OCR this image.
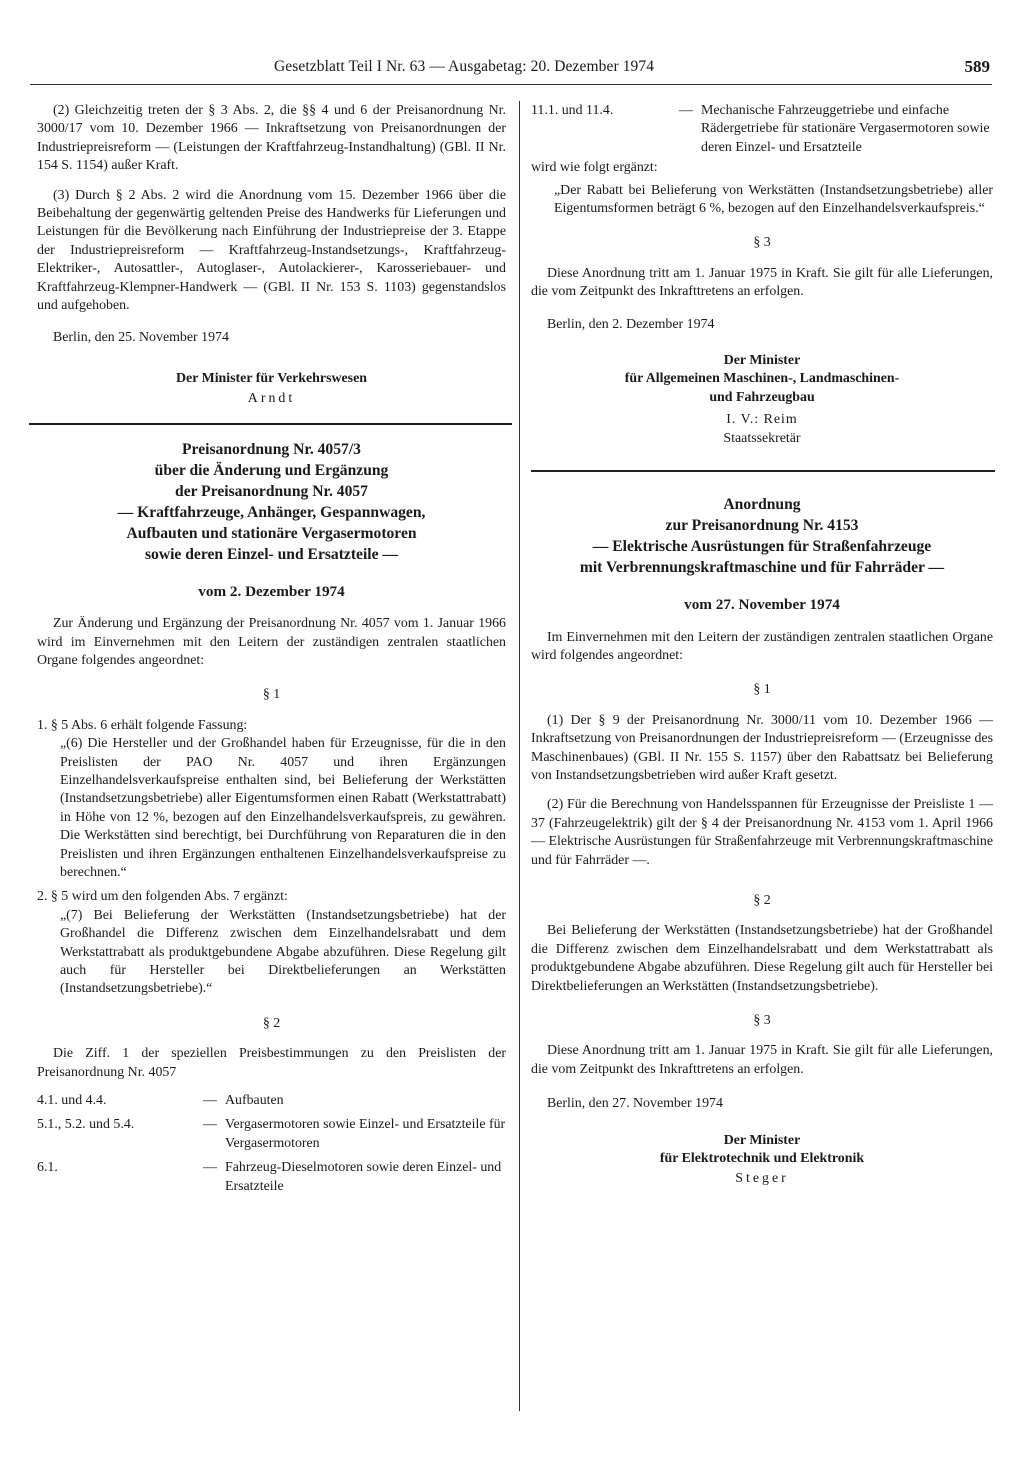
Gesetzblatt Teil I Nr. 63 — Ausgabetag: 20. Dezember 1974	589

(2) Gleichzeitig treten der § 3 Abs. 2, die §§ 4 und 6 der Preisanordnung Nr. 3000/17 vom 10. Dezember 1966 — Inkraftsetzung von Preisanordnungen der Industriepreisreform — (Leistungen der Kraftfahrzeug-Instandhaltung) (GBl. II Nr. 154 S. 1154) außer Kraft.

(3) Durch § 2 Abs. 2 wird die Anordnung vom 15. Dezember 1966 über die Beibehaltung der gegenwärtig geltenden Preise des Handwerks für Lieferungen und Leistungen für die Bevölkerung nach Einführung der Industriepreise der 3. Etappe der Industriepreisreform — Kraftfahrzeug-Instandsetzungs-, Kraftfahrzeug-Elektriker-, Autosattler-, Autoglaser-, Autolackierer-, Karosseriebauer- und Kraftfahrzeug-Klempner-Handwerk — (GBl. II Nr. 153 S. 1103) gegenstandslos und aufgehoben.

Berlin, den 25. November 1974

Der Minister für Verkehrswesen
Arndt
Preisanordnung Nr. 4057/3
über die Änderung und Ergänzung
der Preisanordnung Nr. 4057
— Kraftfahrzeuge, Anhänger, Gespannwagen,
Aufbauten und stationäre Vergasermotoren
sowie deren Einzel- und Ersatzteile —
vom 2. Dezember 1974

Zur Änderung und Ergänzung der Preisanordnung Nr. 4057 vom 1. Januar 1966 wird im Einvernehmen mit den Leitern der zuständigen zentralen staatlichen Organe folgendes angeordnet:

§ 1

1. § 5 Abs. 6 erhält folgende Fassung:

„(6) Die Hersteller und der Großhandel haben für Erzeugnisse, für die in den Preislisten der PAO Nr. 4057 und ihren Ergänzungen Einzelhandelsverkaufspreise enthalten sind, bei Belieferung der Werkstätten (Instandsetzungsbetriebe) aller Eigentumsformen einen Rabatt (Werkstattrabatt) in Höhe von 12 %, bezogen auf den Einzelhandelsverkaufspreis, zu gewähren. Die Werkstätten sind berechtigt, bei Durchführung von Reparaturen die in den Preislisten und ihren Ergänzungen enthaltenen Einzelhandelsverkaufspreise zu berechnen.“

2. § 5 wird um den folgenden Abs. 7 ergänzt:

„(7) Bei Belieferung der Werkstätten (Instandsetzungsbetriebe) hat der Großhandel die Differenz zwischen dem Einzelhandelsrabatt und dem Werkstattrabatt als produktgebundene Abgabe abzuführen. Diese Regelung gilt auch für Hersteller bei Direktbelieferungen an Werkstätten (Instandsetzungsbetriebe).“

§ 2

Die Ziff. 1 der speziellen Preisbestimmungen zu den Preislisten der Preisanordnung Nr. 4057

4.1. und 4.4.	— Aufbauten
5.1., 5.2. und 5.4.	— Vergasermotoren sowie Einzel- und Ersatzteile für Vergasermotoren
6.1.	— Fahrzeug-Dieselmotoren sowie deren Einzel- und Ersatzteile
11.1. und 11.4.	— Mechanische Fahrzeuggetriebe und einfache Rädergetriebe für stationäre Vergasermotoren sowie deren Einzel- und Ersatzteile

wird wie folgt ergänzt:

„Der Rabatt bei Belieferung von Werkstätten (Instandsetzungsbetriebe) aller Eigentumsformen beträgt 6 %, bezogen auf den Einzelhandelsverkaufspreis.“

§ 3

Diese Anordnung tritt am 1. Januar 1975 in Kraft. Sie gilt für alle Lieferungen, die vom Zeitpunkt des Inkrafttretens an erfolgen.

Berlin, den 2. Dezember 1974

Der Minister
für Allgemeinen Maschinen-, Landmaschinen-
und Fahrzeugbau
I. V.: Reim
Staatssekretär
Anordnung
zur Preisanordnung Nr. 4153
— Elektrische Ausrüstungen für Straßenfahrzeuge
mit Verbrennungskraftmaschine und für Fahrräder —
vom 27. November 1974

Im Einvernehmen mit den Leitern der zuständigen zentralen staatlichen Organe wird folgendes angeordnet:

§ 1

(1) Der § 9 der Preisanordnung Nr. 3000/11 vom 10. Dezember 1966 — Inkraftsetzung von Preisanordnungen der Industriepreisreform — (Erzeugnisse des Maschinenbaues) (GBl. II Nr. 155 S. 1157) über den Rabattsatz bei Belieferung von Instandsetzungsbetrieben wird außer Kraft gesetzt.

(2) Für die Berechnung von Handelsspannen für Erzeugnisse der Preisliste 1 — 37 (Fahrzeugelektrik) gilt der § 4 der Preisanordnung Nr. 4153 vom 1. April 1966 — Elektrische Ausrüstungen für Straßenfahrzeuge mit Verbrennungskraftmaschine und für Fahrräder —.

§ 2

Bei Belieferung der Werkstätten (Instandsetzungsbetriebe) hat der Großhandel die Differenz zwischen dem Einzelhandelsrabatt und dem Werkstattrabatt als produktgebundene Abgabe abzuführen. Diese Regelung gilt auch für Hersteller bei Direktbelieferungen an Werkstätten (Instandsetzungsbetriebe).

§ 3

Diese Anordnung tritt am 1. Januar 1975 in Kraft. Sie gilt für alle Lieferungen, die vom Zeitpunkt des Inkrafttretens an erfolgen.

Berlin, den 27. November 1974

Der Minister
für Elektrotechnik und Elektronik
Steger
